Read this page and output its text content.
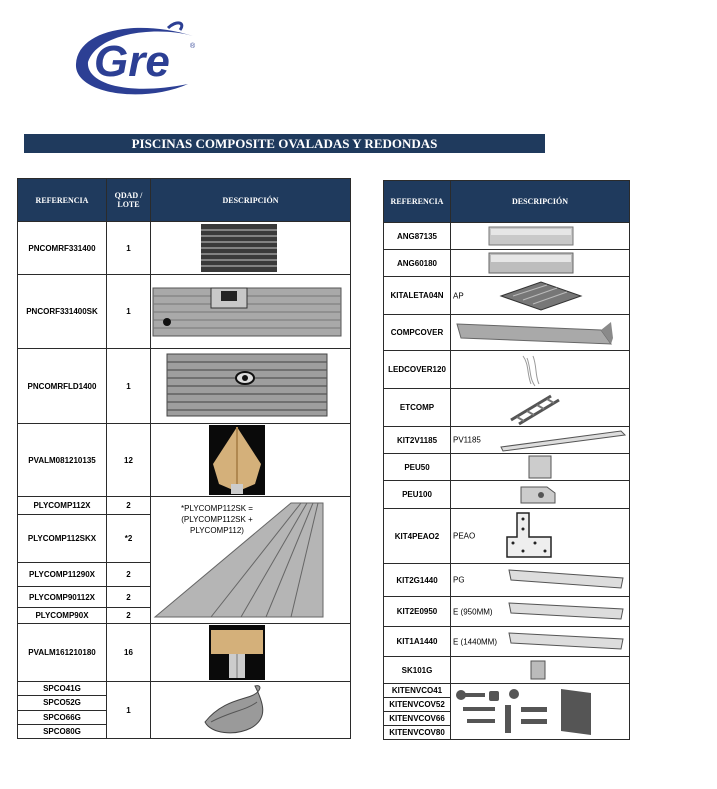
Gre	®
PISCINAS COMPOSITE OVALADAS Y REDONDAS
REFERENCIA	QDAD / LOTE	DESCRIPCIÓN
PNCOMRF331400	1	

PNCORF331400SK	1	

PNCOMRFLD1400	1	

PVALM081210135	12	

PLYCOMP112X	2	*PLYCOMP112SK = (PLYCOMP112SK + PLYCOMP112)

PLYCOMP112SKX	*2	
PLYCOMP11290X	2	
PLYCOMP90112X	2	
PLYCOMP90X	2	
PVALM161210180	16	

SPCO41G	1	

SPCO52G		
SPCO66G		
SPCO80G		
REFERENCIA	DESCRIPCIÓN
ANG87135	

ANG60180	

KITALETA04N	AP

COMPCOVER	

LEDCOVER120	

ETCOMP	

KIT2V1185	PV1185

PEU50	

PEU100	

KIT4PEAO2	PEAO

KIT2G1440	PG

KIT2E0950	E (950MM)

KIT1A1440	E (1440MM)

SK101G	

KITENVCO41	

KITENVCOV52	
KITENVCOV66	
KITENVCOV80	
